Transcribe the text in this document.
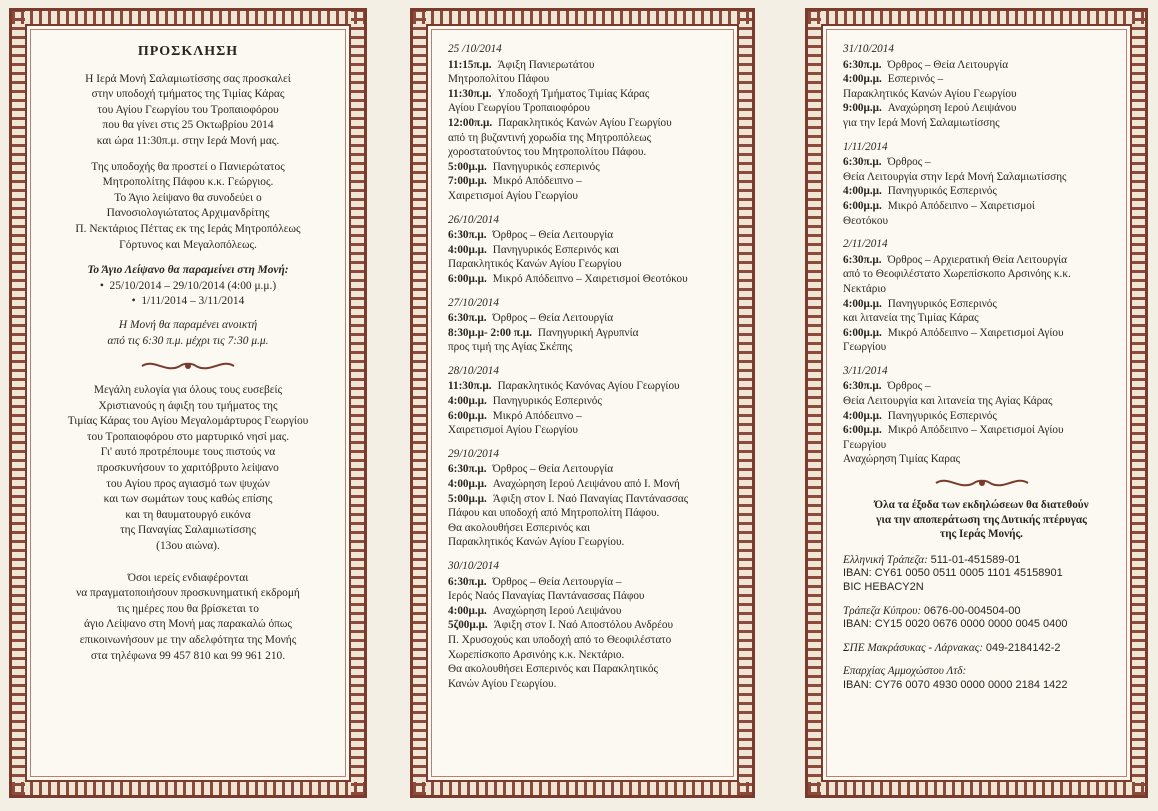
ΠΡΟΣΚΛΗΣΗ
Η Ιερά Μονή Σαλαμιωτίσσης σας προσκαλεί
στην υποδοχή τμήματος της Τιμίας Κάρας
του Αγίου Γεωργίου του Τροπαιοφόρου
που θα γίνει στις 25 Οκτωβρίου 2014
και ώρα 11:30π.μ. στην Ιερά Μονή μας.
Της υποδοχής θα προστεί ο Πανιερώτατος
Μητροπολίτης Πάφου κ.κ. Γεώργιος.
Το Άγιο λείψανο θα συνοδεύει ο
Πανοσιολογιώτατος Αρχιμανδρίτης
Π. Νεκτάριος Πέττας εκ της Ιεράς Μητροπόλεως
Γόρτυνος και Μεγαλοπόλεως.
Το Άγιο Λείψανο θα παραμείνει στη Μονή:
•  25/10/2014 – 29/10/2014 (4:00 μ.μ.)
•  1/11/2014 – 3/11/2014
Η Μονή θα παραμένει ανοικτή
από τις 6:30 π.μ. μέχρι τις 7:30 μ.μ.
Μεγάλη ευλογία για όλους τους ευσεβείς
Χριστιανούς η άφιξη του τμήματος της
Τιμίας Κάρας του Αγίου Μεγαλομάρτυρος Γεωργίου
του Τροπαιοφόρου στο μαρτυρικό νησί μας.
Γι' αυτό προτρέπουμε τους πιστούς να
προσκυνήσουν το χαριτόβρυτο λείψανο
του Αγίου προς αγιασμό των ψυχών
και των σωμάτων τους καθώς επίσης
και τη θαυματουργό εικόνα
της Παναγίας Σαλαμιωτίσσης
(13ου αιώνα).
Όσοι ιερείς ενδιαφέρονται
να πραγματοποιήσουν προσκυνηματική εκδρομή
τις ημέρες που θα βρίσκεται το
άγιο Λείψανο στη Μονή μας παρακαλώ όπως
επικοινωνήσουν με την αδελφότητα της Μονής
στα τηλέφωνα 99 457 810 και 99 961 210.
25 /10/2014
11:15π.μ. Άφιξη Πανιερωτάτου
Μητροπολίτου Πάφου
11:30π.μ. Υποδοχή Τμήματος Τιμίας Κάρας
Αγίου Γεωργίου Τροπαιοφόρου
12:00π.μ. Παρακλητικός Κανών Αγίου Γεωργίου
από τη βυζαντινή χορωδία της Μητροπόλεως
χοροστατούντος του Μητροπολίτου Πάφου.
5:00μ.μ. Πανηγυρικός εσπερινός
7:00μ.μ. Μικρό Απόδειπνο –
Χαιρετισμοί Αγίου Γεωργίου
26/10/2014
6:30π.μ. Όρθρος – Θεία Λειτουργία
4:00μ.μ. Πανηγυρικός Εσπερινός και
Παρακλητικός Κανών Αγίου Γεωργίου
6:00μ.μ. Μικρό Απόδειπνο – Χαιρετισμοί Θεοτόκου
27/10/2014
6:30π.μ. Όρθρος – Θεία Λειτουργία
8:30μ.μ- 2:00 π.μ. Πανηγυρική Αγρυπνία
προς τιμή της Αγίας Σκέπης
28/10/2014
11:30π.μ. Παρακλητικός Κανόνας Αγίου Γεωργίου
4:00μ.μ. Πανηγυρικός Εσπερινός
6:00μ.μ. Μικρό Απόδειπνο –
Χαιρετισμοί Αγίου Γεωργίου
29/10/2014
6:30π.μ. Όρθρος – Θεία Λειτουργία
4:00μ.μ. Αναχώρηση Ιερού Λειψάνου από Ι. Μονή
5:00μ.μ. Άφιξη στον Ι. Ναό Παναγίας Παντάνασσας
Πάφου και υποδοχή από Μητροπολίτη Πάφου.
Θα ακολουθήσει Εσπερινός και
Παρακλητικός Κανών Αγίου Γεωργίου.
30/10/2014
6:30π.μ. Όρθρος – Θεία Λειτουργία –
Ιερός Ναός Παναγίας Παντάνασσας Πάφου
4:00μ.μ. Αναχώρηση Ιερού Λειψάνου
5ζ00μ.μ. Άφιξη στον Ι. Ναό Αποστόλου Ανδρέου
Π. Χρυσοχούς και υποδοχή από το Θεοφιλέστατο
Χωρεπίσκοπο Αρσινόης κ.κ. Νεκτάριο.
Θα ακολουθήσει Εσπερινός και Παρακλητικός
Κανών Αγίου Γεωργίου.
31/10/2014
6:30π.μ. Όρθρος – Θεία Λειτουργία
4:00μ.μ. Εσπερινός –
Παρακλητικός Κανών Αγίου Γεωργίου
9:00μ.μ. Αναχώρηση Ιερού Λειψάνου
για την Ιερά Μονή Σαλαμιωτίσσης
1/11/2014
6:30π.μ. Όρθρος –
Θεία Λειτουργία στην Ιερά Μονή Σαλαμιωτίσσης
4:00μ.μ. Πανηγυρικός Εσπερινός
6:00μ.μ. Μικρό Απόδειπνο – Χαιρετισμοί
Θεοτόκου
2/11/2014
6:30π.μ. Όρθρος – Αρχιερατική Θεία Λειτουργία
από το Θεοφιλέστατο Χωρεπίσκοπο Αρσινόης κ.κ.
Νεκτάριο
4:00μ.μ. Πανηγυρικός Εσπερινός
και λιτανεία της Τιμίας Κάρας
6:00μ.μ. Μικρό Απόδειπνο – Χαιρετισμοί Αγίου
Γεωργίου
3/11/2014
6:30π.μ. Όρθρος –
Θεία Λειτουργία και λιτανεία της Αγίας Κάρας
4:00μ.μ. Πανηγυρικός Εσπερινός
6:00μ.μ. Μικρό Απόδειπνο – Χαιρετισμοί Αγίου
Γεωργίου
Αναχώρηση Τιμίας Καρας
Όλα τα έξοδα των εκδηλώσεων θα διατεθούν
για την αποπεράτωση της Δυτικής πτέρυγας
της Ιεράς Μονής.
Ελληνική Τράπεζα: 511-01-451589-01
IBAN: CY61 0050 0511 0005 1101 45158901
BIC HEBACY2N
Τράπεζα Κύπρου: 0676-00-004504-00
IBAN: CY15 0020 0676 0000 0000 0045 0400
ΣΠΕ Μακράσυκας - Λάρνακας: 049-2184142-2
Επαρχίας Αμμοχώστου Λτδ:
IBAN: CY76 0070 4930 0000 0000 2184 1422
